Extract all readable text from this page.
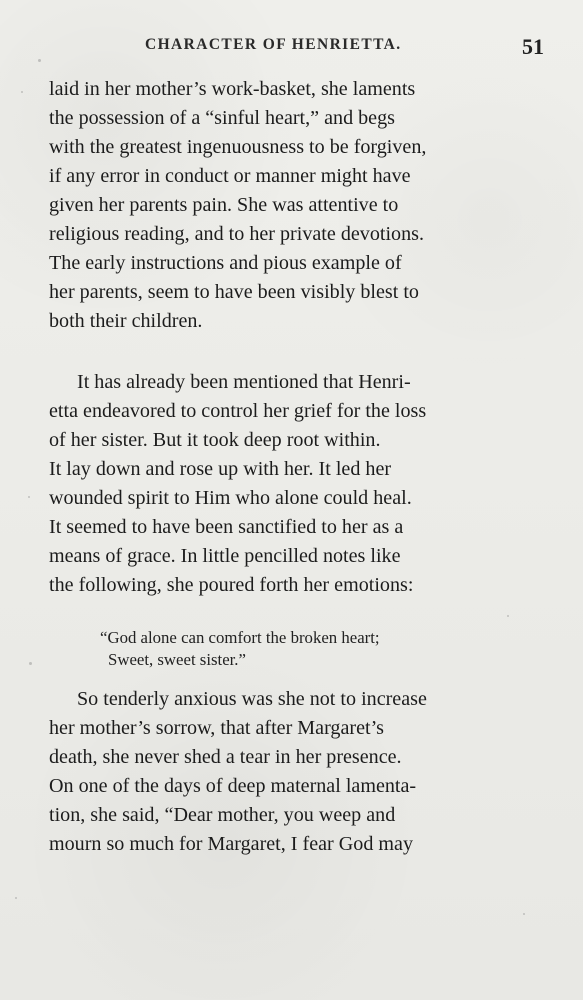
CHARACTER OF HENRIETTA.	51
laid in her mother’s work-basket, she laments
the possession of a “sinful heart,” and begs
with the greatest ingenuousness to be forgiven,
if any error in conduct or manner might have
given her parents pain. She was attentive to
religious reading, and to her private devotions.
The early instructions and pious example of
her parents, seem to have been visibly blest to
both their children.
It has already been mentioned that Henri-
etta endeavored to control her grief for the loss
of her sister. But it took deep root within.
It lay down and rose up with her. It led her
wounded spirit to Him who alone could heal.
It seemed to have been sanctified to her as a
means of grace. In little pencilled notes like
the following, she poured forth her emotions:
“God alone can comfort the broken heart;
Sweet, sweet sister.”
So tenderly anxious was she not to increase
her mother’s sorrow, that after Margaret’s
death, she never shed a tear in her presence.
On one of the days of deep maternal lamenta-
tion, she said, “Dear mother, you weep and
mourn so much for Margaret, I fear God may
